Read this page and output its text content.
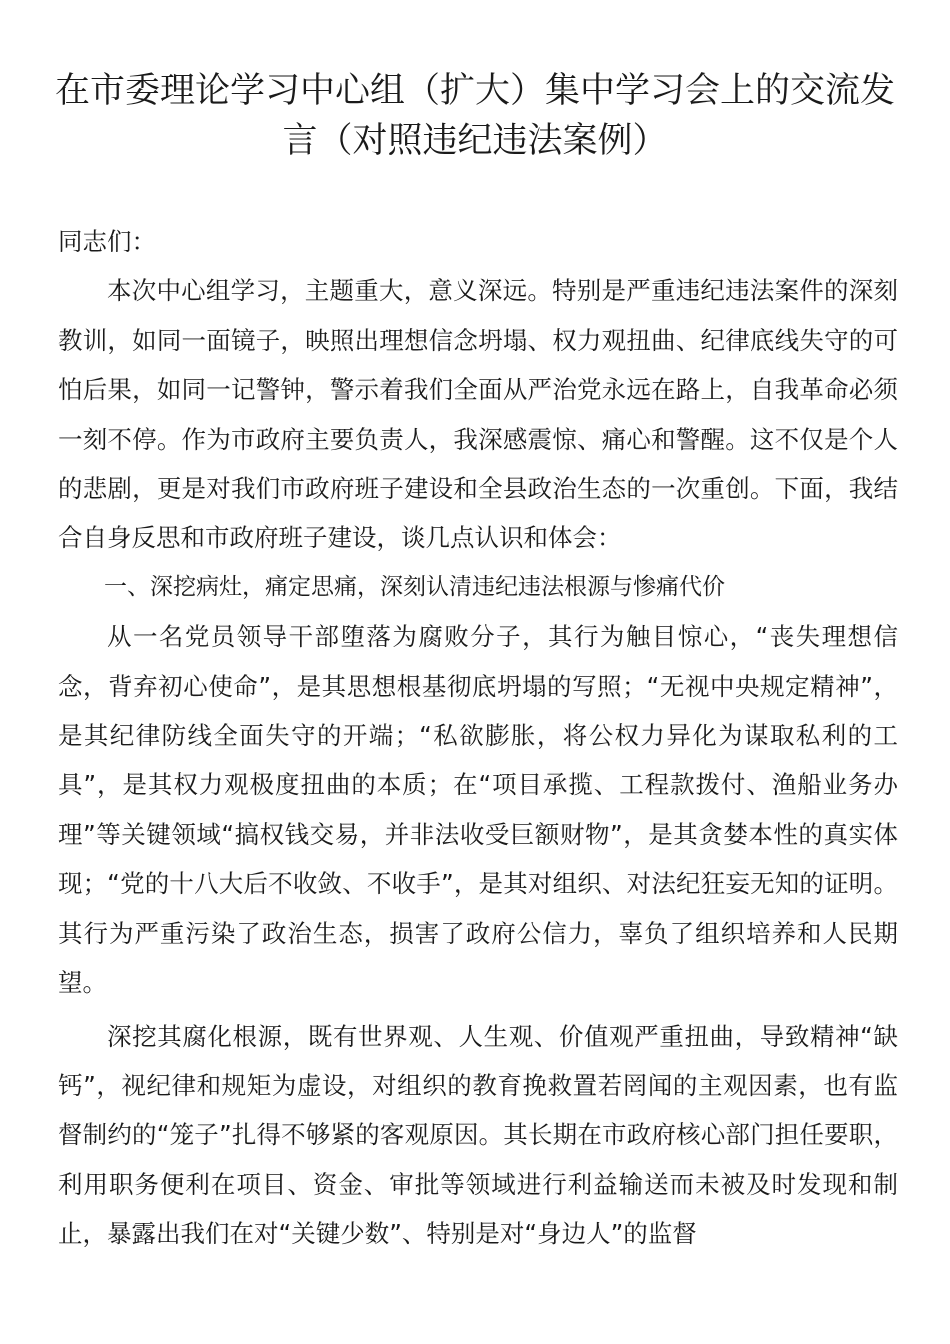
在市委理论学习中心组（扩大）集中学习会上的交流发言（对照违纪违法案例）

同志们：

本次中心组学习，主题重大，意义深远。特别是严重违纪违法案件的深刻教训，如同一面镜子，映照出理想信念坍塌、权力观扭曲、纪律底线失守的可怕后果，如同一记警钟，警示着我们全面从严治党永远在路上，自我革命必须一刻不停。作为市政府主要负责人，我深感震惊、痛心和警醒。这不仅是个人的悲剧，更是对我们市政府班子建设和全县政治生态的一次重创。下面，我结合自身反思和市政府班子建设，谈几点认识和体会：

一、深挖病灶，痛定思痛，深刻认清违纪违法根源与惨痛代价

从一名党员领导干部堕落为腐败分子，其行为触目惊心，“丧失理想信念，背弃初心使命”，是其思想根基彻底坍塌的写照；“无视中央规定精神”，是其纪律防线全面失守的开端；“私欲膨胀，将公权力异化为谋取私利的工具”，是其权力观极度扭曲的本质；在“项目承揽、工程款拨付、渔船业务办理”等关键领域“搞权钱交易，并非法收受巨额财物”，是其贪婪本性的真实体现；“党的十八大后不收敛、不收手”，是其对组织、对法纪狂妄无知的证明。其行为严重污染了政治生态，损害了政府公信力，辜负了组织培养和人民期望。

深挖其腐化根源，既有世界观、人生观、价值观严重扭曲，导致精神“缺钙”，视纪律和规矩为虚设，对组织的教育挽救置若罔闻的主观因素，也有监督制约的“笼子”扎得不够紧的客观原因。其长期在市政府核心部门担任要职，利用职务便利在项目、资金、审批等领域进行利益输送而未被及时发现和制止，暴露出我们在对“关键少数”、特别是对“身边人”的监督
